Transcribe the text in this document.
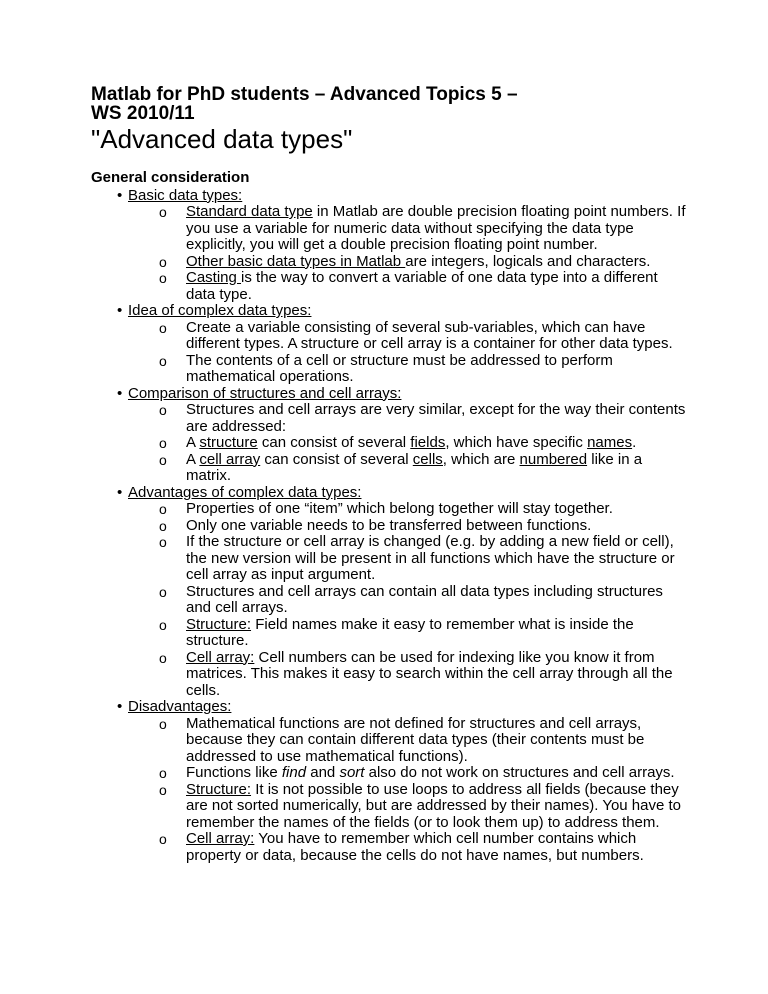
Matlab for PhD students – Advanced Topics 5 –
WS 2010/11
"Advanced data types"
General consideration
• Basic data types:
o Standard data type in Matlab are double precision floating point numbers. If you use a variable for numeric data without specifying the data type explicitly, you will get a double precision floating point number.
o Other basic data types in Matlab are integers, logicals and characters.
o Casting is the way to convert a variable of one data type into a different data type.
• Idea of complex data types:
o Create a variable consisting of several sub-variables, which can have different types. A structure or cell array is a container for other data types.
o The contents of a cell or structure must be addressed to perform mathematical operations.
• Comparison of structures and cell arrays:
o Structures and cell arrays are very similar, except for the way their contents are addressed:
o A structure can consist of several fields, which have specific names.
o A cell array can consist of several cells, which are numbered like in a matrix.
• Advantages of complex data types:
o Properties of one “item” which belong together will stay together.
o Only one variable needs to be transferred between functions.
o If the structure or cell array is changed (e.g. by adding a new field or cell), the new version will be present in all functions which have the structure or cell array as input argument.
o Structures and cell arrays can contain all data types including structures and cell arrays.
o Structure: Field names make it easy to remember what is inside the structure.
o Cell array: Cell numbers can be used for indexing like you know it from matrices. This makes it easy to search within the cell array through all the cells.
• Disadvantages:
o Mathematical functions are not defined for structures and cell arrays, because they can contain different data types (their contents must be addressed to use mathematical functions).
o Functions like find and sort also do not work on structures and cell arrays.
o Structure: It is not possible to use loops to address all fields (because they are not sorted numerically, but are addressed by their names). You have to remember the names of the fields (or to look them up) to address them.
o Cell array: You have to remember which cell number contains which property or data, because the cells do not have names, but numbers.
